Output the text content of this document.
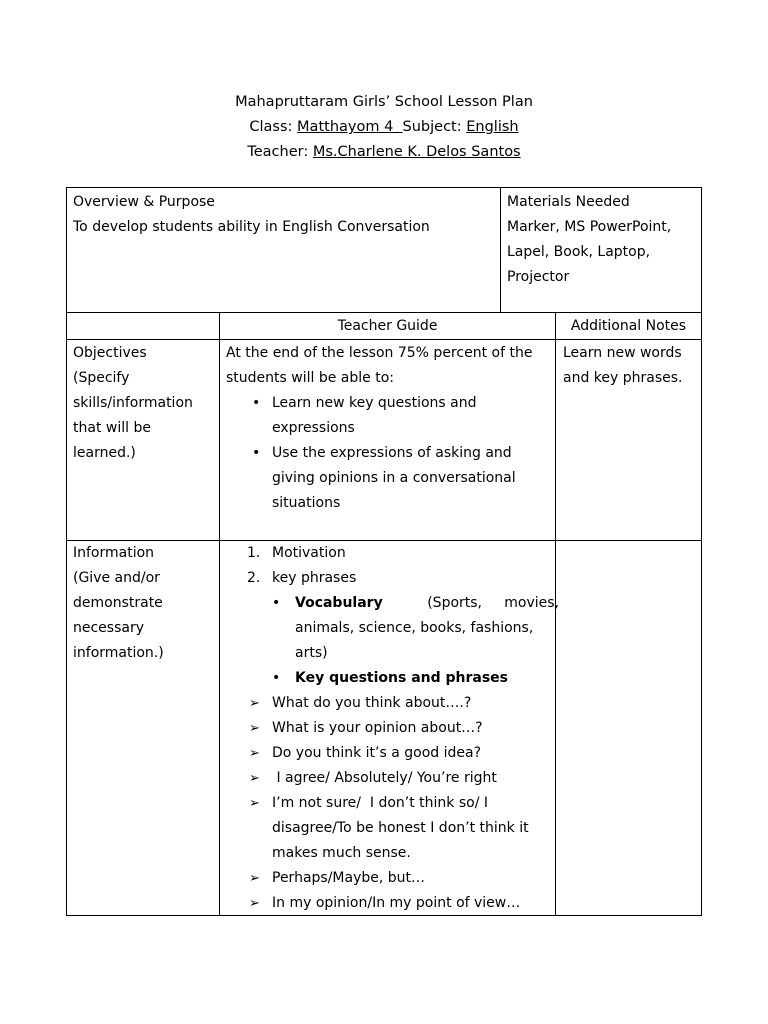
Mahapruttaram Girls’ School Lesson Plan
Class: Matthayom 4 Subject: English
Teacher: Ms.Charlene K. Delos Santos
Overview & Purpose
To develop students ability in English Conversation
Materials Needed
Marker, MS PowerPoint,
Lapel, Book, Laptop,
Projector
Teacher Guide	Additional Notes
Objectives
(Specify
skills/information
that will be
learned.)
At the end of the lesson 75% percent of the
students will be able to:
• Learn new key questions and
expressions
• Use the expressions of asking and
giving opinions in a conversational
situations
Learn new words
and key phrases.
Information
(Give and/or
demonstrate
necessary
information.)
1. Motivation
2. key phrases
• Vocabulary	(Sports,     movies,
animals, science, books, fashions,
arts)
• Key questions and phrases
➢ What do you think about….?
➢ What is your opinion about…?
➢ Do you think it’s a good idea?
➢ I agree/ Absolutely/ You’re right
➢ I’m not sure/  I don’t think so/ I
disagree/To be honest I don’t think it
makes much sense.
➢ Perhaps/Maybe, but…
➢ In my opinion/In my point of view…
